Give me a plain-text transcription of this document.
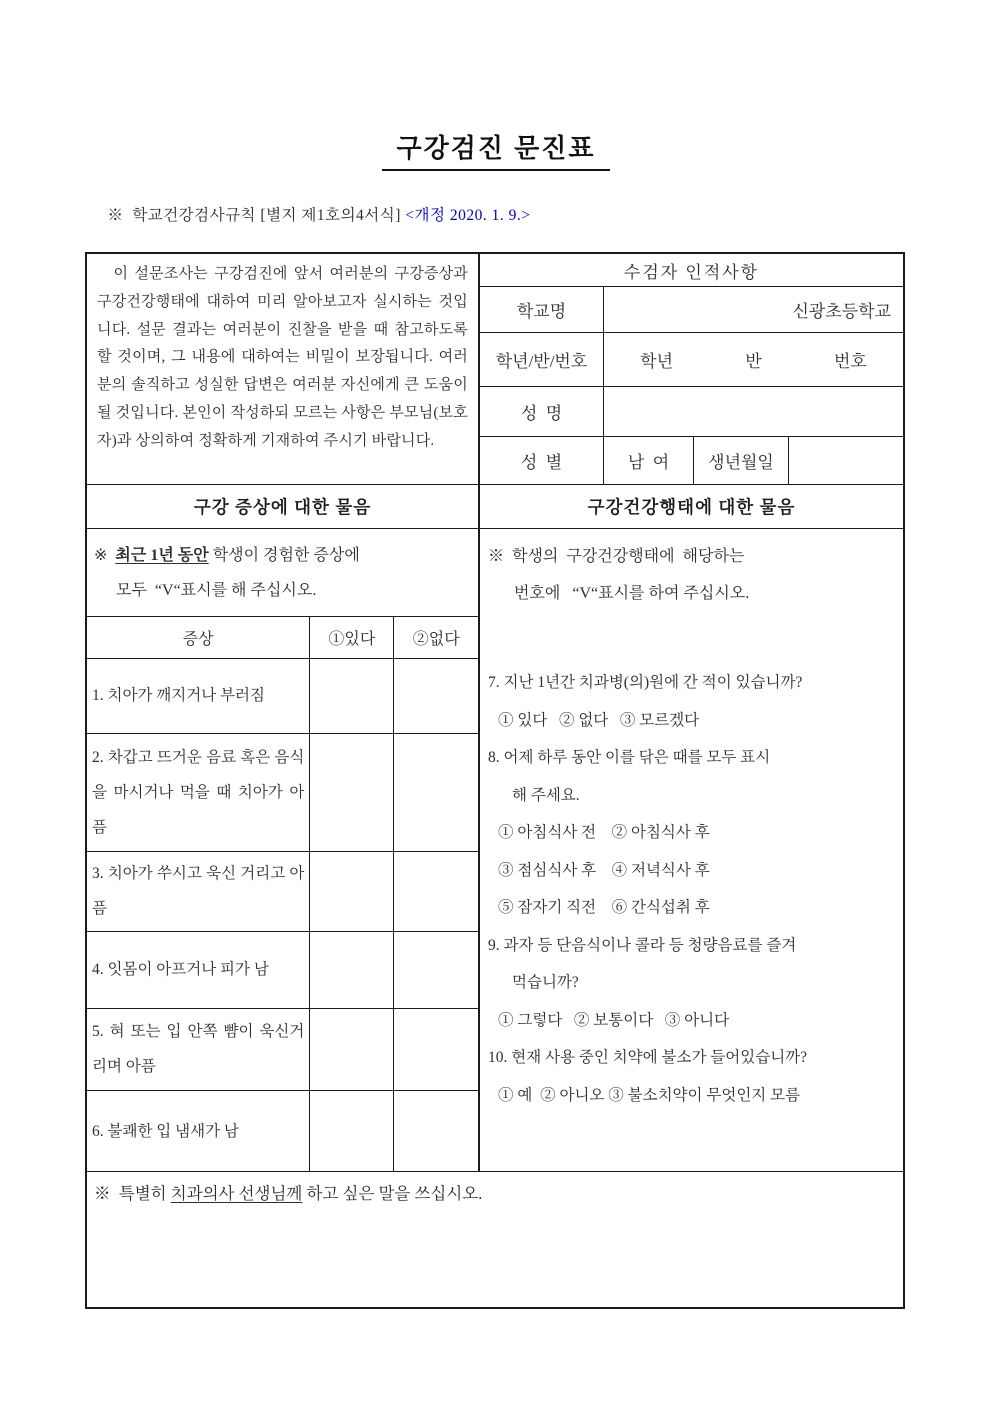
구강검진 문진표

※  학교건강검사규칙 [별지 제1호의4서식] <개정 2020. 1. 9.>

이 설문조사는 구강검진에 앞서 여러분의 구강증상과 구강건강행태에 대하여 미리 알아보고자 실시하는 것입니다. 설문 결과는 여러분이 진찰을 받을 때 참고하도록 할 것이며, 그 내용에 대하여는 비밀이 보장됩니다. 여러분의 솔직하고 성실한 답변은 여러분 자신에게 큰 도움이 될 것입니다. 본인이 작성하되 모르는 사항은 부모님(보호자)과 상의하여 정확하게 기재하여 주시기 바랍니다.

수검자 인적사항
학교명	신광초등학교
학년/반/번호	학년	반	번호
성  명
성  별	남  여	생년월일
구강 증상에 대한 물음	구강건강행태에 대한 물음
※  최근 1년 동안 학생이 경험한 증상에
모두  “V“표시를 해 주십시오.
증상	①있다	②없다
1. 치아가 깨지거나 부러짐		
2. 차갑고 뜨거운 음료 혹은 음식을 마시거나 먹을 때 치아가 아픔		
3. 치아가 쑤시고 욱신 거리고 아픔		
4. 잇몸이 아프거나 피가 남		
5. 혀 또는 입 안쪽 뺨이 욱신거리며 아픔		
6. 불쾌한 입 냄새가 남		
※  학생의  구강건강행태에  해당하는
번호에   “V“표시를 하여 주십시오.
7. 지난 1년간 치과병(의)원에 간 적이 있습니까?
① 있다   ② 없다   ③ 모르겠다
8. 어제 하루 동안 이를 닦은 때를 모두 표시
해 주세요.
① 아침식사 전    ② 아침식사 후
③ 점심식사 후    ④ 저녁식사 후
⑤ 잠자기 직전    ⑥ 간식섭취 후
9. 과자 등 단음식이나 콜라 등 청량음료를 즐겨
먹습니까?
① 그렇다   ② 보통이다   ③ 아니다
10. 현재 사용 중인 치약에 불소가 들어있습니까?
① 예  ② 아니오 ③ 불소치약이 무엇인지 모름
※  특별히 치과의사 선생님께 하고 싶은 말을 쓰십시오.
